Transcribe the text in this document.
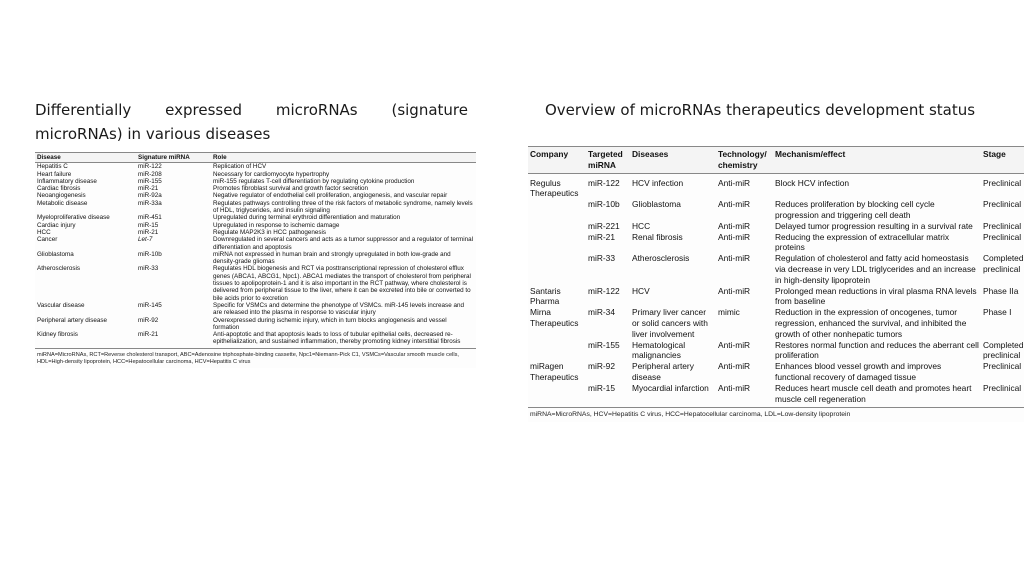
Differentially expressed microRNAs (signature microRNAs) in various diseases
Overview of microRNAs therapeutics development status
Disease	Signature miRNA	Role
Hepatitis C	miR-122	Replication of HCV
Heart failure	miR-208	Necessary for cardiomyocyte hypertrophy
Inflammatory disease	miR-155	miR-155 regulates T-cell differentiation by regulating cytokine production
Cardiac fibrosis	miR-21	Promotes fibroblast survival and growth factor secretion
Neoangiogenesis	miR-92a	Negative regulator of endothelial cell proliferation, angiogenesis, and vascular repair
Metabolic disease	miR-33a	Regulates pathways controlling three of the risk factors of metabolic syndrome, namely levels of HDL, triglycerides, and insulin signaling
Myeloproliferative disease	miR-451	Upregulated during terminal erythroid differentiation and maturation
Cardiac injury	miR-15	Upregulated in response to ischemic damage
HCC	miR-21	Regulate MAP2K3 in HCC pathogenesis
Cancer	Let-7	Downregulated in several cancers and acts as a tumor suppressor and a regulator of terminal differentiation and apoptosis
Glioblastoma	miR-10b	miRNA not expressed in human brain and strongly upregulated in both low-grade and density-grade gliomas
Atherosclerosis	miR-33	Regulates HDL biogenesis and RCT via posttranscriptional repression of cholesterol efflux genes (ABCA1, ABCG1, Npc1). ABCA1 mediates the transport of cholesterol from peripheral tissues to apolipoprotein-1 and it is also important in the RCT pathway, where cholesterol is delivered from peripheral tissue to the liver, where it can be excreted into bile or converted to bile acids prior to excretion
Vascular disease	miR-145	Specific for VSMCs and determine the phenotype of VSMCs. miR-145 levels increase and are released into the plasma in response to vascular injury
Peripheral artery disease	miR-92	Overexpressed during ischemic injury, which in turn blocks angiogenesis and vessel formation
Kidney fibrosis	miR-21	Anti-apoptotic and that apoptosis leads to loss of tubular epithelial cells, decreased re-epithelialization, and sustained inflammation, thereby promoting kidney interstitial fibrosis
miRNA=MicroRNAs, RCT=Reverse cholesterol transport, ABC=Adenosine triphosphate-binding cassette, Npc1=Niemann-Pick C1, VSMCs=Vascular smooth muscle cells, HDL=High-density lipoprotein, HCC=Hepatocellular carcinoma, HCV=Hepatitis C virus
Company	Targeted miRNA	Diseases	Technology/ chemistry	Mechanism/effect	Stage
Regulus Therapeutics	miR-122	HCV infection	Anti-miR	Block HCV infection	Preclinical
	miR-10b	Glioblastoma	Anti-miR	Reduces proliferation by blocking cell cycle progression and triggering cell death	Preclinical
	miR-221	HCC	Anti-miR	Delayed tumor progression resulting in a survival rate	Preclinical
	miR-21	Renal fibrosis	Anti-miR	Reducing the expression of extracellular matrix proteins	Preclinical
	miR-33	Atherosclerosis	Anti-miR	Regulation of cholesterol and fatty acid homeostasis via decrease in very LDL triglycerides and an increase in high-density lipoprotein	Completed preclinical
Santaris Pharma	miR-122	HCV	Anti-miR	Prolonged mean reductions in viral plasma RNA levels from baseline	Phase IIa
Mirna Therapeutics	miR-34	Primary liver cancer or solid cancers with liver involvement	mimic	Reduction in the expression of oncogenes, tumor regression, enhanced the survival, and inhibited the growth of other nonhepatic tumors	Phase I
	miR-155	Hematological malignancies	Anti-miR	Restores normal function and reduces the aberrant cell proliferation	Completed preclinical
miRagen Therapeutics	miR-92	Peripheral artery disease	Anti-miR	Enhances blood vessel growth and improves functional recovery of damaged tissue	Preclinical
	miR-15	Myocardial infarction	Anti-miR	Reduces heart muscle cell death and promotes heart muscle cell regeneration	Preclinical
miRNA=MicroRNAs, HCV=Hepatitis C virus, HCC=Hepatocellular carcinoma, LDL=Low-density lipoprotein
